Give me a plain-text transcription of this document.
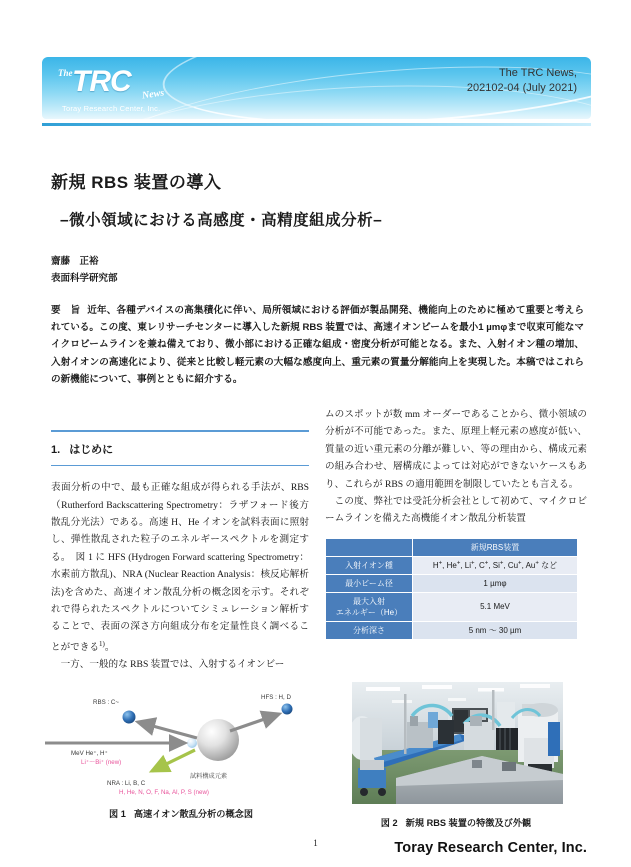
The TRC News
Toray Research Center, Inc.
The TRC News,
202102-04 (July 2021)
新規 RBS 装置の導入
–微小領域における高感度・高精度組成分析–
齋藤　正裕
表面科学研究部
要　旨 近年、各種デバイスの高集積化に伴い、局所領域における評価が製品開発、機能向上のために極めて重要と考えられている。この度、東レリサーチセンターに導入した新規 RBS 装置では、高速イオンビームを最小1 µmφまで収束可能なマイクロビームラインを兼ね備えており、微小部における正確な組成・密度分析が可能となる。また、入射イオン種の増加、入射イオンの高速化により、従来と比較し軽元素の大幅な感度向上、重元素の質量分解能向上を実現した。本稿ではこれらの新機能について、事例とともに紹介する。
1. はじめに

表面分析の中で、最も正確な組成が得られる手法が、RBS（Rutherford Backscattering Spectrometry：ラザフォード後方散乱分光法）である。高速 H、He イオンを試料表面に照射し、弾性散乱された粒子のエネルギースペクトルを測定する。　図 1 に HFS (Hydrogen Forward scattering Spectrometry：水素前方散乱)、NRA (Nuclear Reaction Analysis：核反応解析法)を含めた、高速イオン散乱分析の概念図を示す。それぞれで得られたスペクトルについてシミュレーション解析することで、表面の深さ方向組成分布を定量性良く調べることができる$^{1)}$。

一方、一般的な RBS 装置では、入射するイオンビー

ムのスポットが数 mm オーダーであることから、微小領域の分析が不可能であった。また、原理上軽元素の感度が低い、質量の近い重元素の分離が難しい、等の理由から、構成元素の組み合わせ、層構成によっては対応ができないケースもあり、これらが RBS の適用範囲を制限していたとも言える。

この度、弊社では受託分析会社として初めて、マイクロビームラインを備えた高機能イオン散乱分析装置

	新規RBS装置
入射イオン種	H+, He+, Li+, C+, Si+, Cu+, Au+ など
最小ビーム径	1 µmφ
最大入射
エネルギー（He）	5.1 MeV
分析深さ	5 nm ～ 30 µm
RBS : C~
HFS : H, D
MeV He⁺, H⁺
Li⁺～Bi⁺ (new)
NRA : Li, B, C
H, He, N, O, F, Na, Al, P, S (new)
試料構成元素
図 1 高速イオン散乱分析の概念図
図 2 新規 RBS 装置の特徴及び外観
1	Toray Research Center, Inc.
